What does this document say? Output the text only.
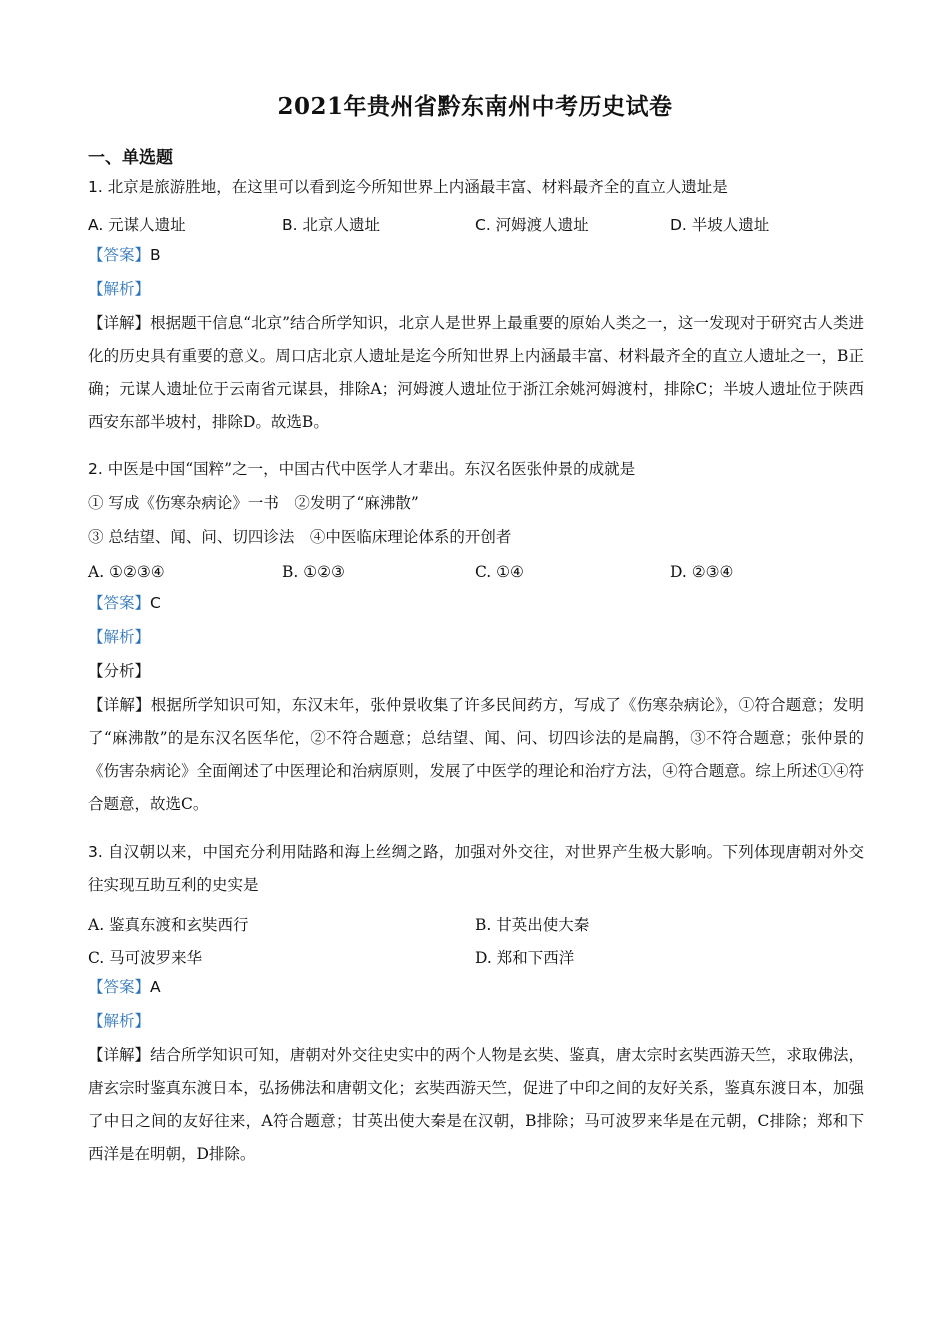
2021年贵州省黔东南州中考历史试卷
一、单选题
1. 北京是旅游胜地，在这里可以看到迄今所知世界上内涵最丰富、材料最齐全的直立人遗址是
A. 元谋人遗址	B. 北京人遗址	C. 河姆渡人遗址	D. 半坡人遗址
【答案】B
【解析】
【详解】根据题干信息“北京”结合所学知识，北京人是世界上最重要的原始人类之一，这一发现对于研究古人类进化的历史具有重要的意义。周口店北京人遗址是迄今所知世界上内涵最丰富、材料最齐全的直立人遗址之一，B正确；元谋人遗址位于云南省元谋县，排除A；河姆渡人遗址位于浙江余姚河姆渡村，排除C；半坡人遗址位于陕西西安东部半坡村，排除D。故选B。
2. 中医是中国“国粹”之一，中国古代中医学人才辈出。东汉名医张仲景的成就是
① 写成《伤寒杂病论》一书　②发明了“麻沸散”
③ 总结望、闻、问、切四诊法　④中医临床理论体系的开创者
A. ①②③④	B. ①②③	C. ①④	D. ②③④
【答案】C
【解析】
【分析】
【详解】根据所学知识可知，东汉末年，张仲景收集了许多民间药方，写成了《伤寒杂病论》，①符合题意；发明了“麻沸散”的是东汉名医华佗，②不符合题意；总结望、闻、问、切四诊法的是扁鹊，③不符合题意；张仲景的《伤害杂病论》全面阐述了中医理论和治病原则，发展了中医学的理论和治疗方法，④符合题意。综上所述①④符合题意，故选C。
3. 自汉朝以来，中国充分利用陆路和海上丝绸之路，加强对外交往，对世界产生极大影响。下列体现唐朝对外交往实现互助互利的史实是
A. 鉴真东渡和玄奘西行	B. 甘英出使大秦
C. 马可波罗来华	D. 郑和下西洋
【答案】A
【解析】
【详解】结合所学知识可知，唐朝对外交往史实中的两个人物是玄奘、鉴真，唐太宗时玄奘西游天竺，求取佛法，唐玄宗时鉴真东渡日本，弘扬佛法和唐朝文化；玄奘西游天竺，促进了中印之间的友好关系，鉴真东渡日本，加强了中日之间的友好往来，A符合题意；甘英出使大秦是在汉朝，B排除；马可波罗来华是在元朝，C排除；郑和下西洋是在明朝，D排除。
